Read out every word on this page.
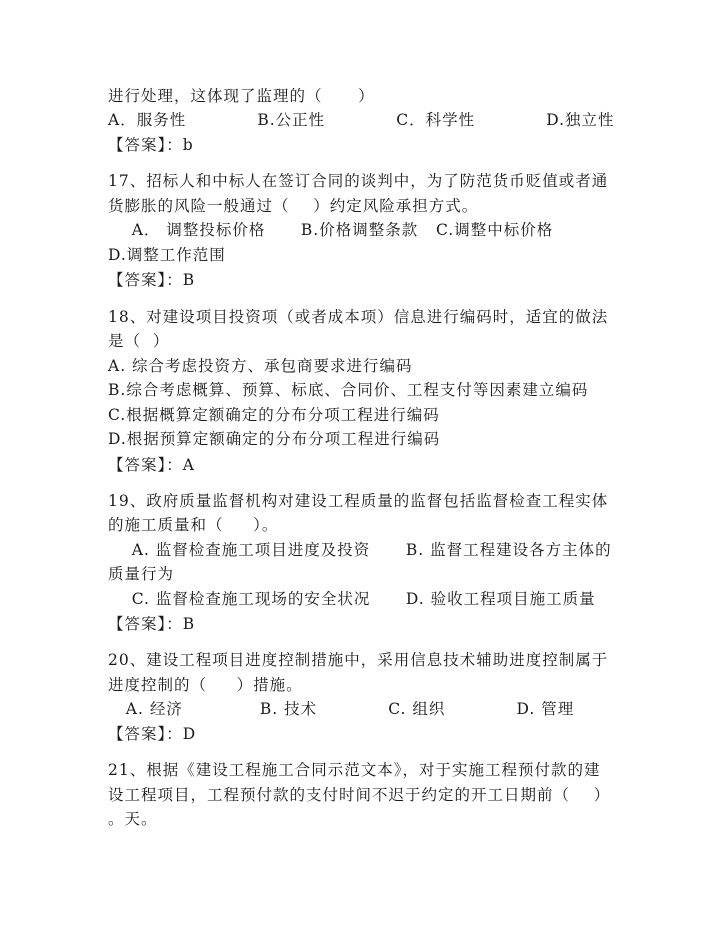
进行处理，这体现了监理的（      ）
A．服务性            B.公正性            C．科学性            D.独立性
【答案】：b
17、招标人和中标人在签订合同的谈判中，为了防范货币贬值或者通
货膨胀的风险一般通过（    ）约定风险承担方式。
A． 调整投标价格      B.价格调整条款   C.调整中标价格
D.调整工作范围
【答案】：B
18、对建设项目投资项（或者成本项）信息进行编码时，适宜的做法
是（  ）
A. 综合考虑投资方、承包商要求进行编码
B.综合考虑概算、预算、标底、合同价、工程支付等因素建立编码
C.根据概算定额确定的分布分项工程进行编码
D.根据预算定额确定的分布分项工程进行编码
【答案】：A
19、政府质量监督机构对建设工程质量的监督包括监督检查工程实体
的施工质量和（     ）。
A. 监督检查施工项目进度及投资      B. 监督工程建设各方主体的
质量行为
C. 监督检查施工现场的安全状况      D. 验收工程项目施工质量
【答案】：B
20、建设工程项目进度控制措施中，采用信息技术辅助进度控制属于
进度控制的（     ）措施。
A. 经济             B. 技术            C. 组织            D. 管理
【答案】：D
21、根据《建设工程施工合同示范文本》，对于实施工程预付款的建
设工程项目，工程预付款的支付时间不迟于约定的开工日期前（    ）
。天。
